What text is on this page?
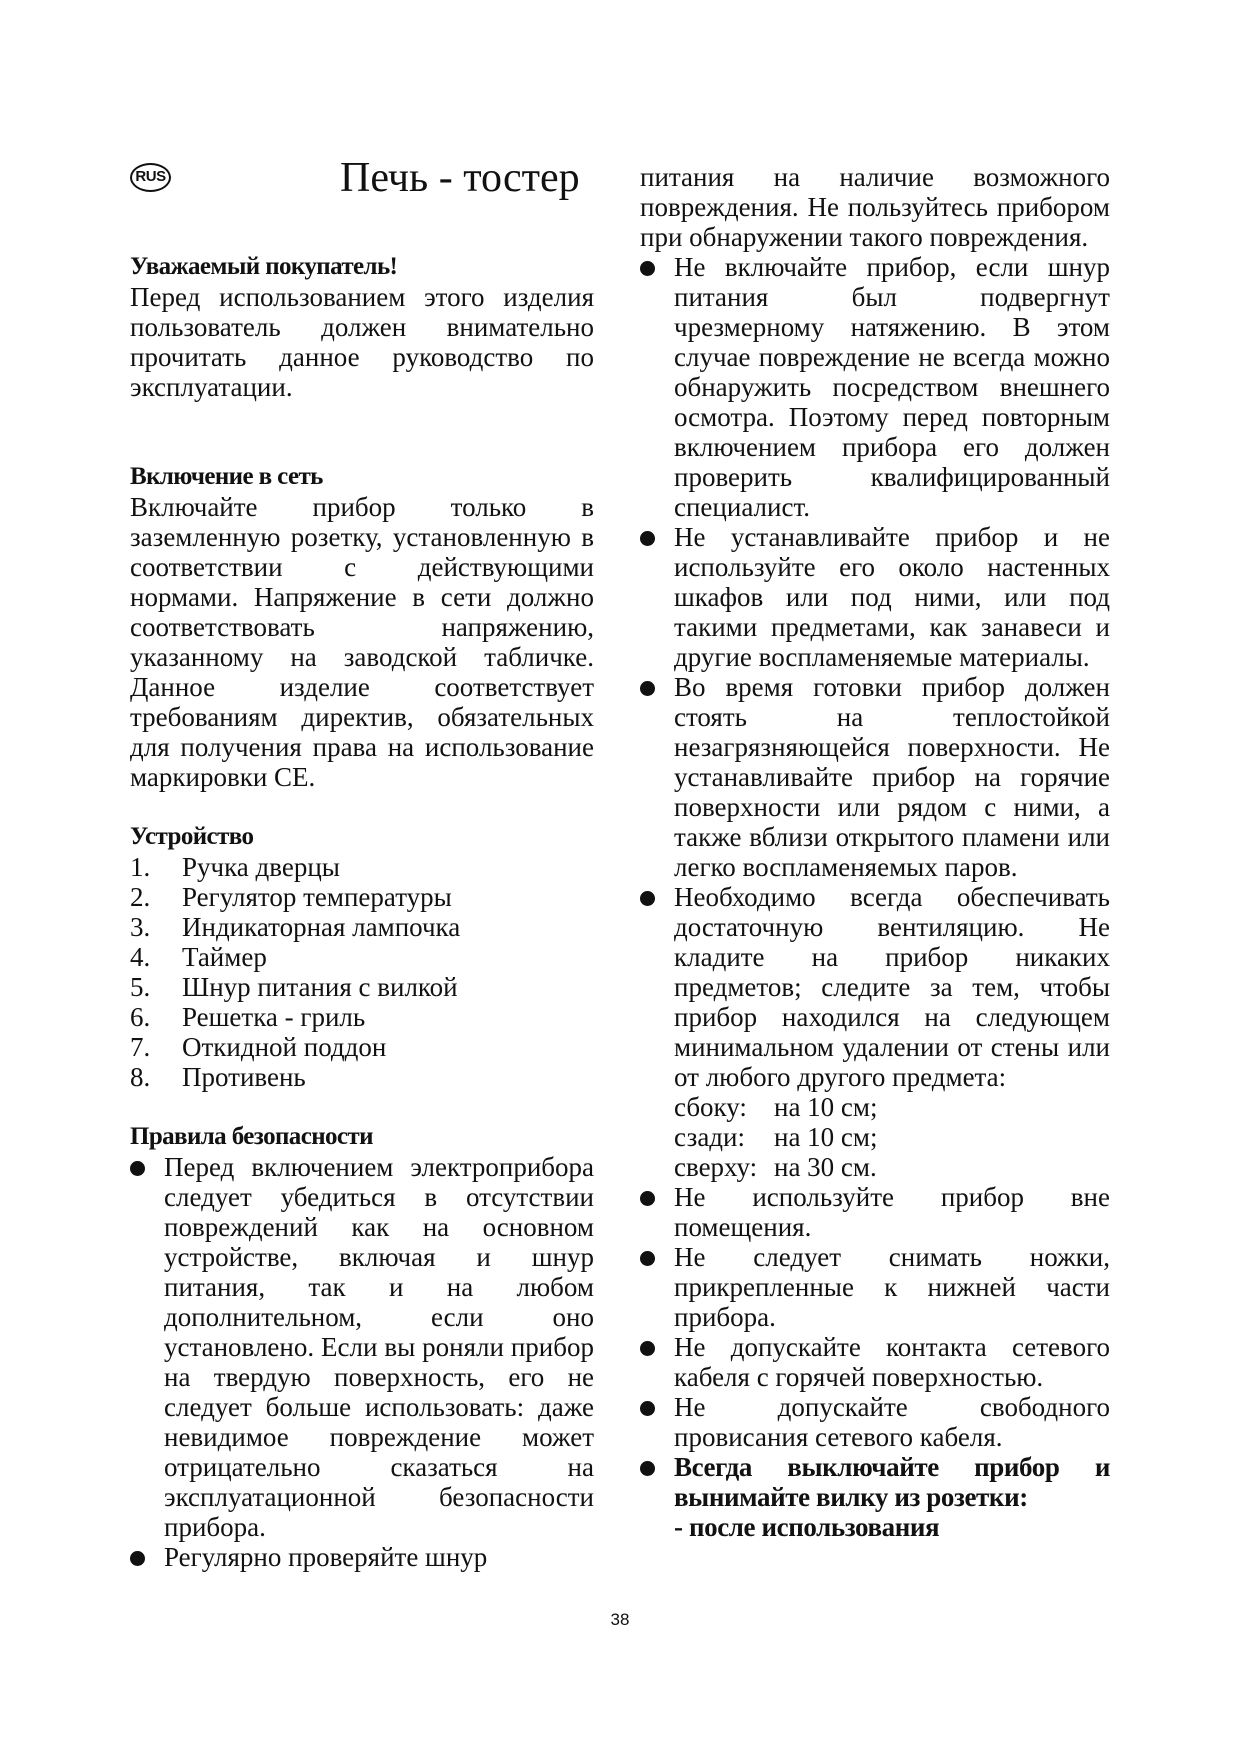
RUS	Печь - тостер
Уважаемый покупатель!

Перед использованием этого изделия пользователь должен внимательно прочитать данное руководство по эксплуатации.

Включение в сеть

Включайте прибор только в заземленную розетку, установленную в соответствии с действующими нормами. Напряжение в сети должно соответствовать напряжению, указанному на заводской табличке. Данное изделие соответствует требованиям директив, обязательных для получения права на использование маркировки CE.

Устройство
1.	Ручка дверцы
2.	Регулятор температуры
3.	Индикаторная лампочка
4.	Таймер
5.	Шнур питания с вилкой
6.	Решетка - гриль
7.	Откидной поддон
8.	Противень
Правила безопасности
Перед включением электроприбора следует убедиться в отсутствии повреждений как на основном устройстве, включая и шнур питания, так и на любом дополнительном, если оно установлено. Если вы роняли прибор на твердую поверхность, его не следует больше использовать: даже невидимое повреждение может отрицательно сказаться на эксплуатационной безопасности прибора.
Регулярно проверяйте шнур

питания на наличие возможного повреждения. Не пользуйтесь прибором при обнаружении такого повреждения.

Не включайте прибор, если шнур питания был подвергнут чрезмерному натяжению. В этом случае повреждение не всегда можно обнаружить посредством внешнего осмотра. Поэтому перед повторным включением прибора его должен проверить квалифицированный специалист.
Не устанавливайте прибор и не используйте его около настенных шкафов или под ними, или под такими предметами, как занавеси и другие воспламеняемые материалы.
Во время готовки прибор должен стоять на теплостойкой незагрязняющейся поверхности. Не устанавливайте прибор на горячие поверхности или рядом с ними, а также вблизи открытого пламени или легко воспламеняемых паров.
Необходимо всегда обеспечивать достаточную вентиляцию. Не кладите на прибор никаких предметов; следите за тем, чтобы прибор находился на следующем минимальном удалении от стены или от любого другого предмета:
сбоку:	на 10 см;
сзади:	на 10 см;
сверху: на 30 см.
Не используйте прибор вне помещения.
Не следует снимать ножки, прикрепленные к нижней части прибора.
Не допускайте контакта сетевого кабеля с горячей поверхностью.
Не допускайте свободного провисания сетевого кабеля.
Всегда выключайте прибор и вынимайте вилку из розетки:
- после использования
38
